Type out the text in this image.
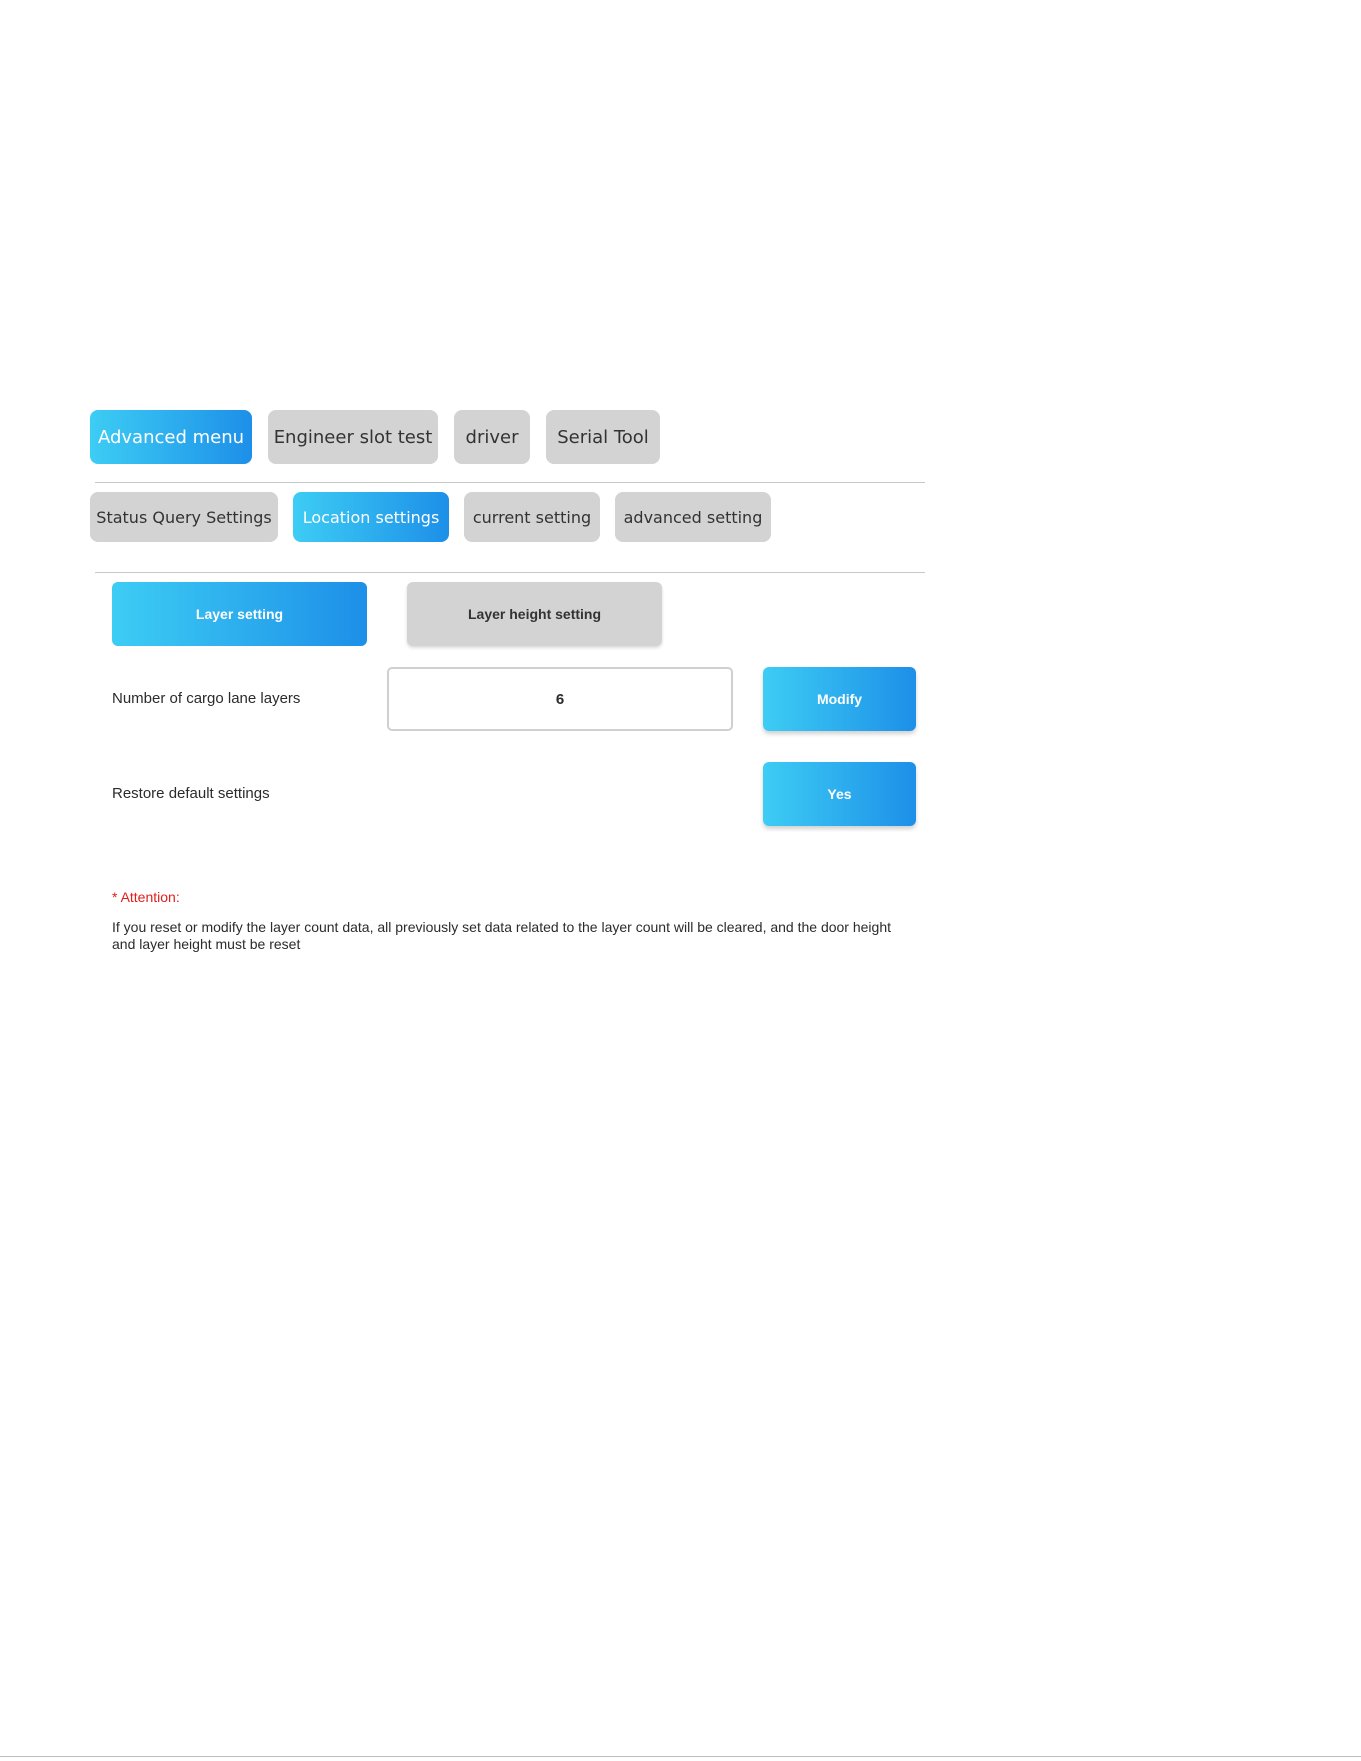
Advanced menu	Engineer slot test	driver	Serial Tool
Status Query Settings	Location settings	current setting	advanced setting
Layer setting	Layer height setting
Number of cargo lane layers	6	Modify
Restore default settings	Yes
* Attention:
If you reset or modify the layer count data, all previously set data related to the layer count will be cleared, and the door height and layer height must be reset
